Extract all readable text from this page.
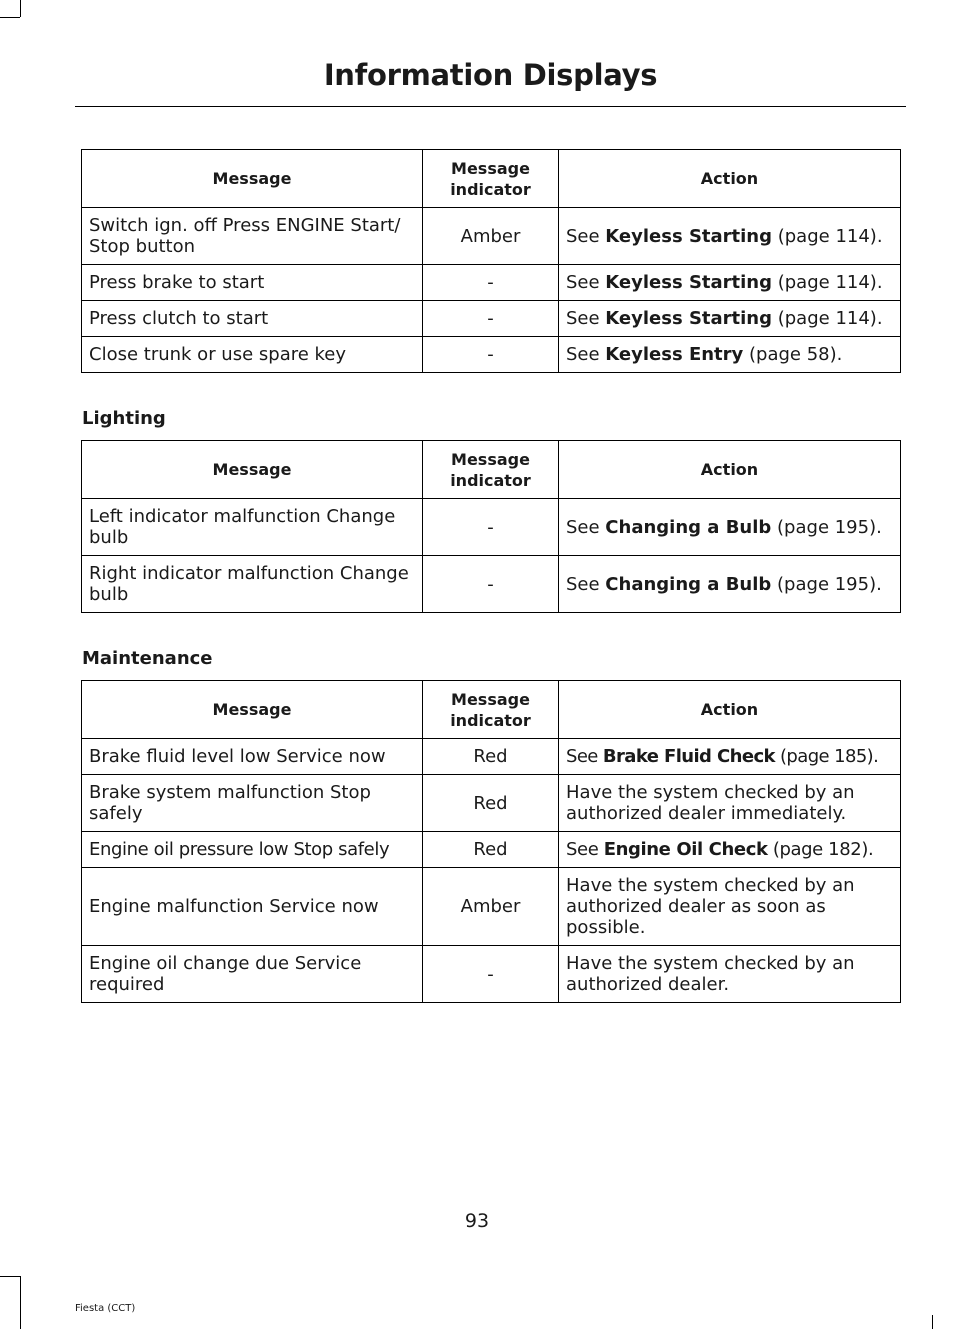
Information Displays
Message	Message indicator	Action
Switch ign. off Press ENGINE Start/ Stop button	Amber	See Keyless Starting (page 114).
Press brake to start	-	See Keyless Starting (page 114).
Press clutch to start	-	See Keyless Starting (page 114).
Close trunk or use spare key	-	See Keyless Entry (page 58).
Lighting
Message	Message indicator	Action
Left indicator malfunction Change bulb	-	See Changing a Bulb (page 195).
Right indicator malfunction Change bulb	-	See Changing a Bulb (page 195).
Maintenance
Message	Message indicator	Action
Brake fluid level low Service now	Red	See Brake Fluid Check (page 185).
Brake system malfunction Stop safely	Red	Have the system checked by an authorized dealer immediately.
Engine oil pressure low Stop safely	Red	See Engine Oil Check (page 182).
Engine malfunction Service now	Amber	Have the system checked by an authorized dealer as soon as possible.
Engine oil change due Service required	-	Have the system checked by an authorized dealer.
93
Fiesta (CCT)
